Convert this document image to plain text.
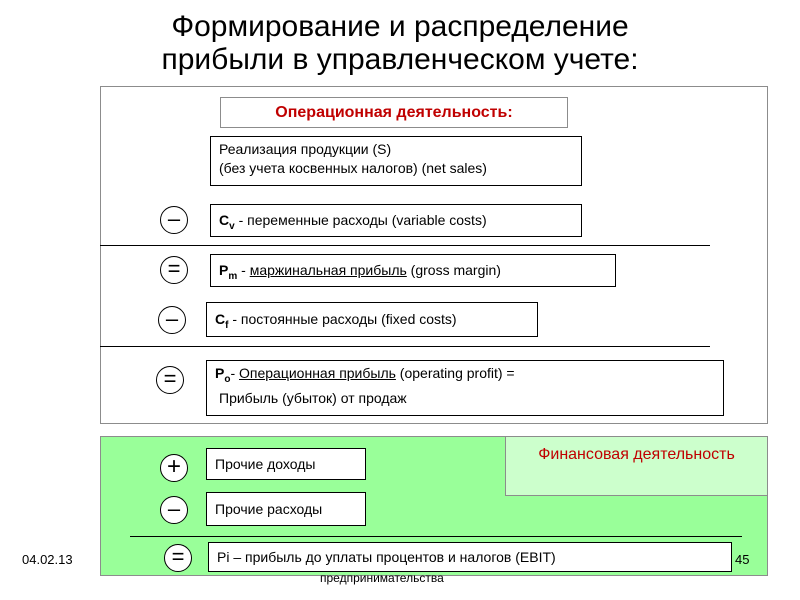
Формирование и распределение
прибыли в управленческом учете:
Операционная деятельность:
Реализация продукции (S)
(без учета косвенных налогов) (net sales)
–	$C_v$ - переменные расходы (variable costs)
=	$P_m$ - маржинальная прибыль (gross margin)
–	$C_f$ - постоянные расходы (fixed costs)
=	$P_o-$ Операционная прибыль (operating profit) =
Прибыль (убыток) от продаж
Финансовая деятельность
+	Прочие доходы
–	Прочие расходы
=	Pi – прибыль до уплаты процентов и налогов (EBIT)
04.02.13	45
предпринимательства
